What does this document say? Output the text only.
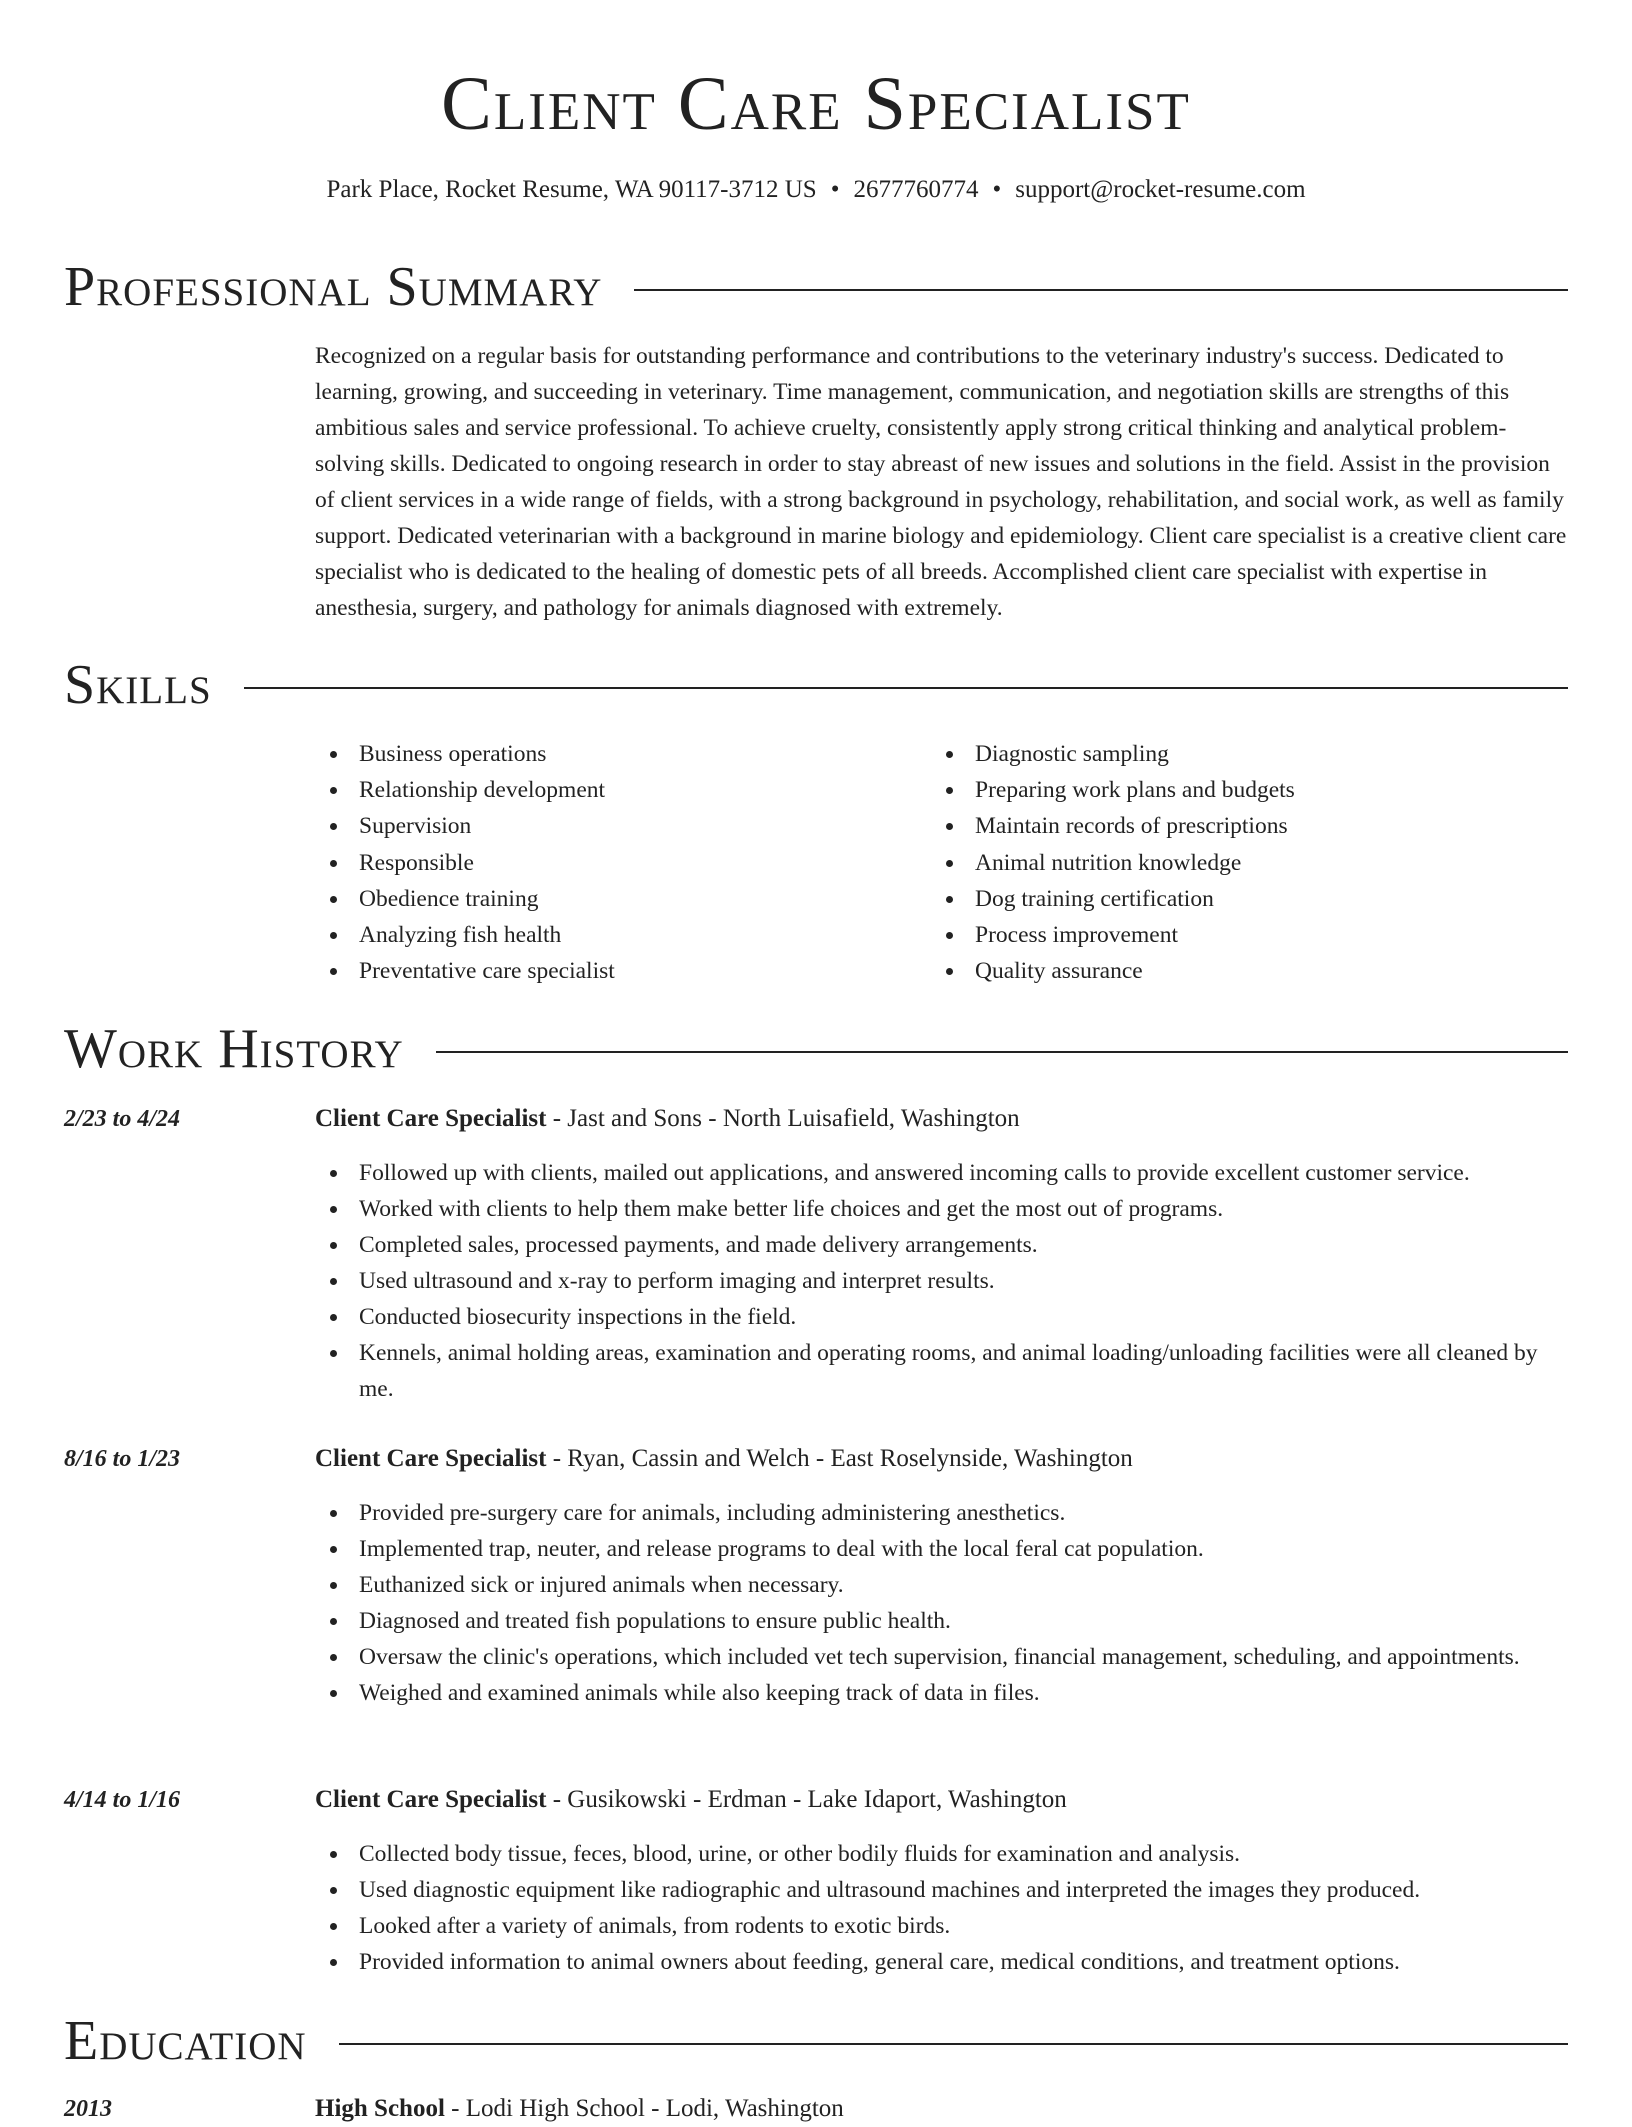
Client Care Specialist
Park Place, Rocket Resume, WA 90117-3712 US • 2677760774 • support@rocket-resume.com
Professional Summary

Recognized on a regular basis for outstanding performance and contributions to the veterinary industry's success. Dedicated to learning, growing, and succeeding in veterinary. Time management, communication, and negotiation skills are strengths of this ambitious sales and service professional. To achieve cruelty, consistently apply strong critical thinking and analytical problem-solving skills. Dedicated to ongoing research in order to stay abreast of new issues and solutions in the field. Assist in the provision of client services in a wide range of fields, with a strong background in psychology, rehabilitation, and social work, as well as family support. Dedicated veterinarian with a background in marine biology and epidemiology. Client care specialist is a creative client care specialist who is dedicated to the healing of domestic pets of all breeds. Accomplished client care specialist with expertise in anesthesia, surgery, and pathology for animals diagnosed with extremely.

Skills
Business operations
Relationship development
Supervision
Responsible
Obedience training
Analyzing fish health
Preventative care specialist
Diagnostic sampling
Preparing work plans and budgets
Maintain records of prescriptions
Animal nutrition knowledge
Dog training certification
Process improvement
Quality assurance
Work History
2/23 to 4/24	Client Care Specialist - Jast and Sons - North Luisafield, Washington
Followed up with clients, mailed out applications, and answered incoming calls to provide excellent customer service.
Worked with clients to help them make better life choices and get the most out of programs.
Completed sales, processed payments, and made delivery arrangements.
Used ultrasound and x-ray to perform imaging and interpret results.
Conducted biosecurity inspections in the field.
Kennels, animal holding areas, examination and operating rooms, and animal loading/unloading facilities were all cleaned by me.
8/16 to 1/23	Client Care Specialist - Ryan, Cassin and Welch - East Roselynside, Washington
Provided pre-surgery care for animals, including administering anesthetics.
Implemented trap, neuter, and release programs to deal with the local feral cat population.
Euthanized sick or injured animals when necessary.
Diagnosed and treated fish populations to ensure public health.
Oversaw the clinic's operations, which included vet tech supervision, financial management, scheduling, and appointments.
Weighed and examined animals while also keeping track of data in files.
4/14 to 1/16	Client Care Specialist - Gusikowski - Erdman - Lake Idaport, Washington
Collected body tissue, feces, blood, urine, or other bodily fluids for examination and analysis.
Used diagnostic equipment like radiographic and ultrasound machines and interpreted the images they produced.
Looked after a variety of animals, from rodents to exotic birds.
Provided information to animal owners about feeding, general care, medical conditions, and treatment options.
Education
2013	High School - Lodi High School - Lodi, Washington
